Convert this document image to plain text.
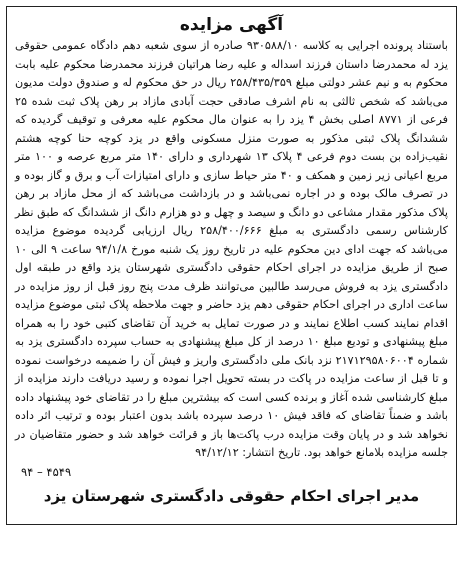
آگهی مزایده
باستناد پرونده اجرایی به کلاسه ۹۳۰۵۸۸/۱۰ صادره از سوی شعبه دهم دادگاه عمومی حقوقی یزد له محمدرضا داستان فرزند اسداله و علیه رضا هراتیان فرزند محمدرضا محکوم علیه بابت محکوم به و نیم عشر دولتی مبلغ ۲۵۸/۴۳۵/۳۵۹ ریال در حق محکوم له و صندوق دولت مدیون می‌باشد که شخص ثالثی به نام اشرف صادقی حجت آبادی مازاد بر رهن پلاک ثبت شده ۲۵ فرعی از ۸۷۷۱ اصلی بخش ۴ یزد را به عنوان مال محکوم علیه معرفی و توقیف گردیده که ششدانگ پلاک ثبتی مذکور به صورت منزل مسکونی واقع در یزد کوچه حنا کوچه هشتم نقیب‌زاده بن بست دوم فرعی ۴ پلاک ۱۳ شهرداری و دارای ۱۴۰ متر مربع عرصه و ۱۰۰ متر مربع اعیانی زیر زمین و همکف و ۴۰ متر حیاط سازی و دارای امتیازات آب و برق و گاز بوده و در تصرف مالک بوده و در اجاره نمی‌باشد و در بازداشت می‌باشد که از محل مازاد بر رهن پلاک مذکور مقدار مشاعی دو دانگ و سیصد و چهل و دو هزارم دانگ از ششدانگ که طبق نظر کارشناس رسمی دادگستری به مبلغ ۲۵۸/۴۰۰/۶۶۶ ریال ارزیابی گردیده موضوع مزایده می‌باشد که جهت ادای دین محکوم علیه در تاریخ روز یک شنبه مورخ ۹۴/۱/۸ ساعت ۹ الی ۱۰ صبح از طریق مزایده در اجرای احکام حقوقی دادگستری شهرستان یزد واقع در طبقه اول دادگستری یزد به فروش می‌رسد طالبین می‌توانند ظرف مدت پنج روز قبل از روز مزایده در ساعت اداری در اجرای احکام حقوقی دهم یزد حاضر و جهت ملاحظه پلاک ثبتی موضوع مزایده اقدام نمایند کسب اطلاع نمایند و در صورت تمایل به خرید آن تقاضای کتبی خود را به همراه مبلغ پیشنهادی و تودیع مبلغ ۱۰ درصد از کل مبلغ پیشنهادی به حساب سپرده دادگستری یزد به شماره ۲۱۷۱۲۹۵۸۰۶۰۰۴ نزد بانک ملی دادگستری واریز و فیش آن را ضمیمه درخواست نموده و تا قبل از ساعت مزایده در پاکت در بسته تحویل اجرا نموده و رسید دریافت دارند مزایده از مبلغ کارشناسی شده آغاز و برنده کسی است که بیشترین مبلغ را در تقاضای خود پیشنهاد داده باشد و ضمناً تقاضای که فاقد فیش ۱۰ درصد سپرده باشد بدون اعتبار بوده و ترتیب اثر داده نخواهد شد و در پایان وقت مزایده درب پاکت‌ها باز و قرائت خواهد شد و حضور متقاضیان در جلسه مزایده بلامانع خواهد بود. تاریخ انتشار: ۹۴/۱۲/۱۲
۴۵۴۹ – ۹۴
مدیر اجرای احکام حقوقی دادگستری شهرستان یزد
